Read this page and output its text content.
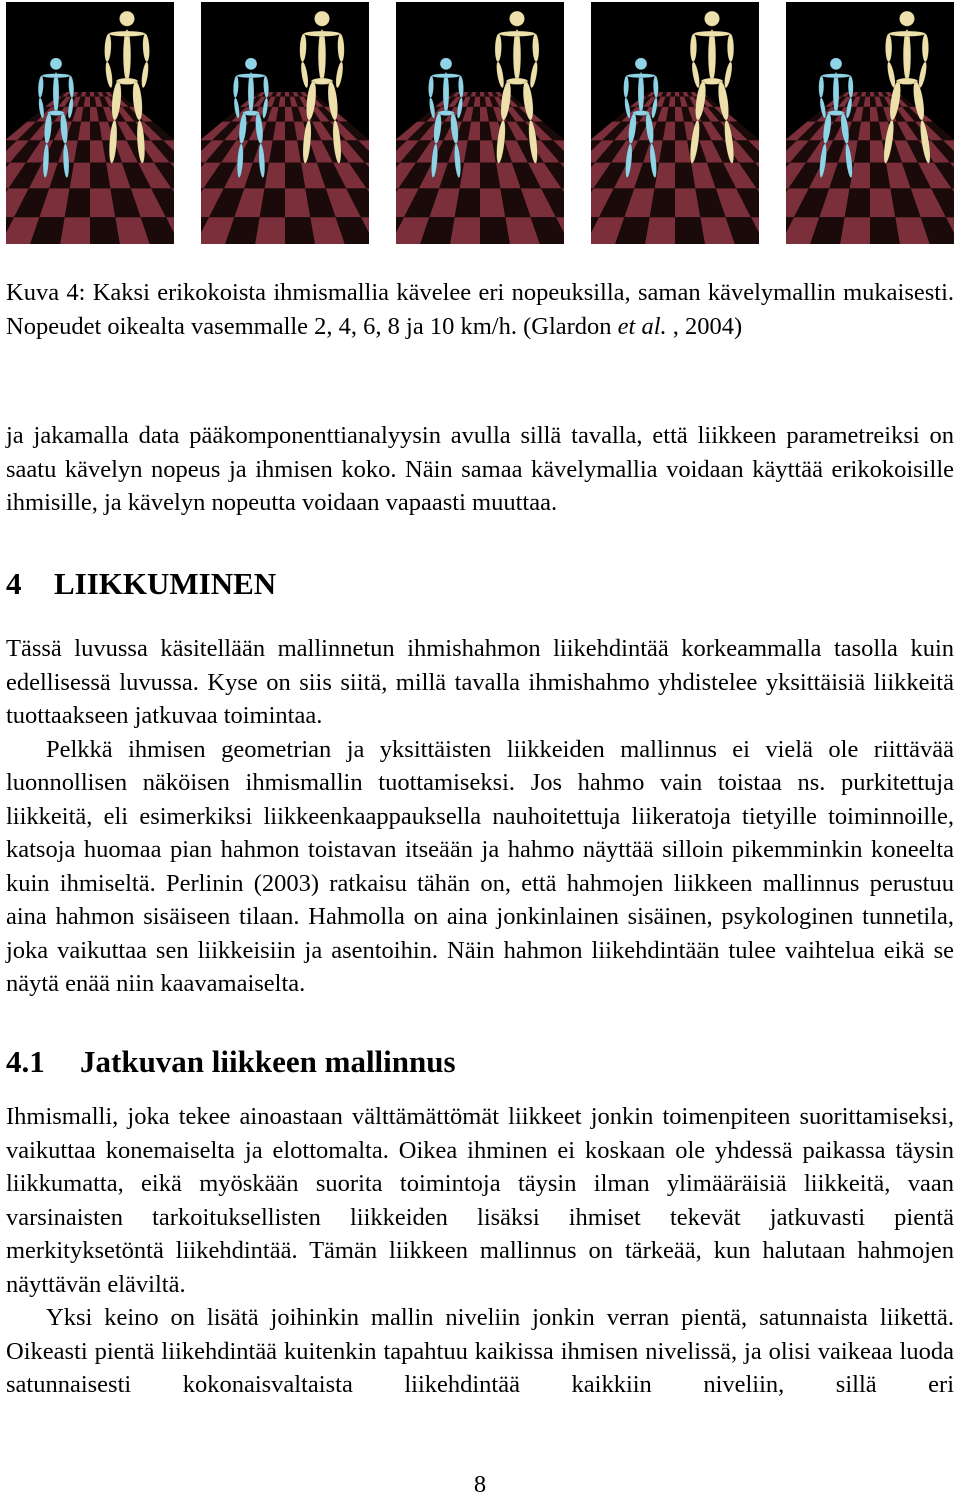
Kuva 4: Kaksi erikokoista ihmismallia kävelee eri nopeuksilla, saman kävelymallin mukaisesti. Nopeudet oikealta vasemmalle 2, 4, 6, 8 ja 10 km/h. (Glardon et al. , 2004)

ja jakamalla data pääkomponenttianalyysin avulla sillä tavalla, että liikkeen parametreiksi on saatu kävelyn nopeus ja ihmisen koko. Näin samaa kävelymallia voidaan käyttää erikokoisille ihmisille, ja kävelyn nopeutta voidaan vapaasti muuttaa.

4 LIIKKUMINEN

Tässä luvussa käsitellään mallinnetun ihmishahmon liikehdintää korkeammalla tasolla kuin edellisessä luvussa. Kyse on siis siitä, millä tavalla ihmishahmo yhdistelee yksittäisiä liikkeitä tuottaakseen jatkuvaa toimintaa.

Pelkkä ihmisen geometrian ja yksittäisten liikkeiden mallinnus ei vielä ole riittävää luonnollisen näköisen ihmismallin tuottamiseksi. Jos hahmo vain toistaa ns. purkitettuja liikkeitä, eli esimerkiksi liikkeenkaappauksella nauhoitettuja liikeratoja tietyille toiminnoille, katsoja huomaa pian hahmon toistavan itseään ja hahmo näyttää silloin pikemminkin koneelta kuin ihmiseltä. Perlinin (2003) ratkaisu tähän on, että hahmojen liikkeen mallinnus perustuu aina hahmon sisäiseen tilaan. Hahmolla on aina jonkinlainen sisäinen, psykologinen tunnetila, joka vaikuttaa sen liikkeisiin ja asentoihin. Näin hahmon liikehdintään tulee vaihtelua eikä se näytä enää niin kaavamaiselta.

4.1 Jatkuvan liikkeen mallinnus

Ihmismalli, joka tekee ainoastaan välttämättömät liikkeet jonkin toimenpiteen suorittamiseksi, vaikuttaa konemaiselta ja elottomalta. Oikea ihminen ei koskaan ole yhdessä paikassa täysin liikkumatta, eikä myöskään suorita toimintoja täysin ilman ylimääräisiä liikkeitä, vaan varsinaisten tarkoituksellisten liikkeiden lisäksi ihmiset tekevät jatkuvasti pientä merkityksetöntä liikehdintää. Tämän liikkeen mallinnus on tärkeää, kun halutaan hahmojen näyttävän eläviltä.

Yksi keino on lisätä joihinkin mallin niveliin jonkin verran pientä, satunnaista liikettä. Oikeasti pientä liikehdintää kuitenkin tapahtuu kaikissa ihmisen nivelissä, ja olisi vaikeaa luoda satunnaisesti kokonaisvaltaista liikehdintää kaikkiin niveliin, sillä eri

8
